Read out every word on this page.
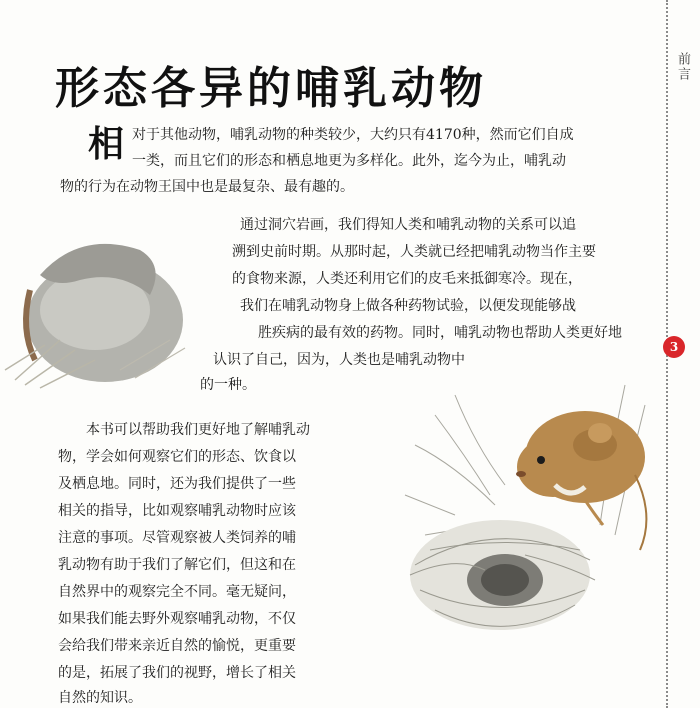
前言
3
形态各异的哺乳动物
相 对于其他动物，哺乳动物的种类较少，大约只有4170种，然而它们自成
一类，而且它们的形态和栖息地更为多样化。此外，迄今为止，哺乳动
物的行为在动物王国中也是最复杂、最有趣的。
通过洞穴岩画，我们得知人类和哺乳动物的关系可以追
溯到史前时期。从那时起，人类就已经把哺乳动物当作主要
的食物来源，人类还利用它们的皮毛来抵御寒冷。现在，
我们在哺乳动物身上做各种药物试验，以便发现能够战
胜疾病的最有效的药物。同时，哺乳动物也帮助人类更好地
认识了自己，因为，人类也是哺乳动物中
的一种。
本书可以帮助我们更好地了解哺乳动
物，学会如何观察它们的形态、饮食以
及栖息地。同时，还为我们提供了一些
相关的指导，比如观察哺乳动物时应该
注意的事项。尽管观察被人类饲养的哺
乳动物有助于我们了解它们，但这和在
自然界中的观察完全不同。毫无疑问，
如果我们能去野外观察哺乳动物，不仅
会给我们带来亲近自然的愉悦，更重要
的是，拓展了我们的视野，增长了相关
自然的知识。
